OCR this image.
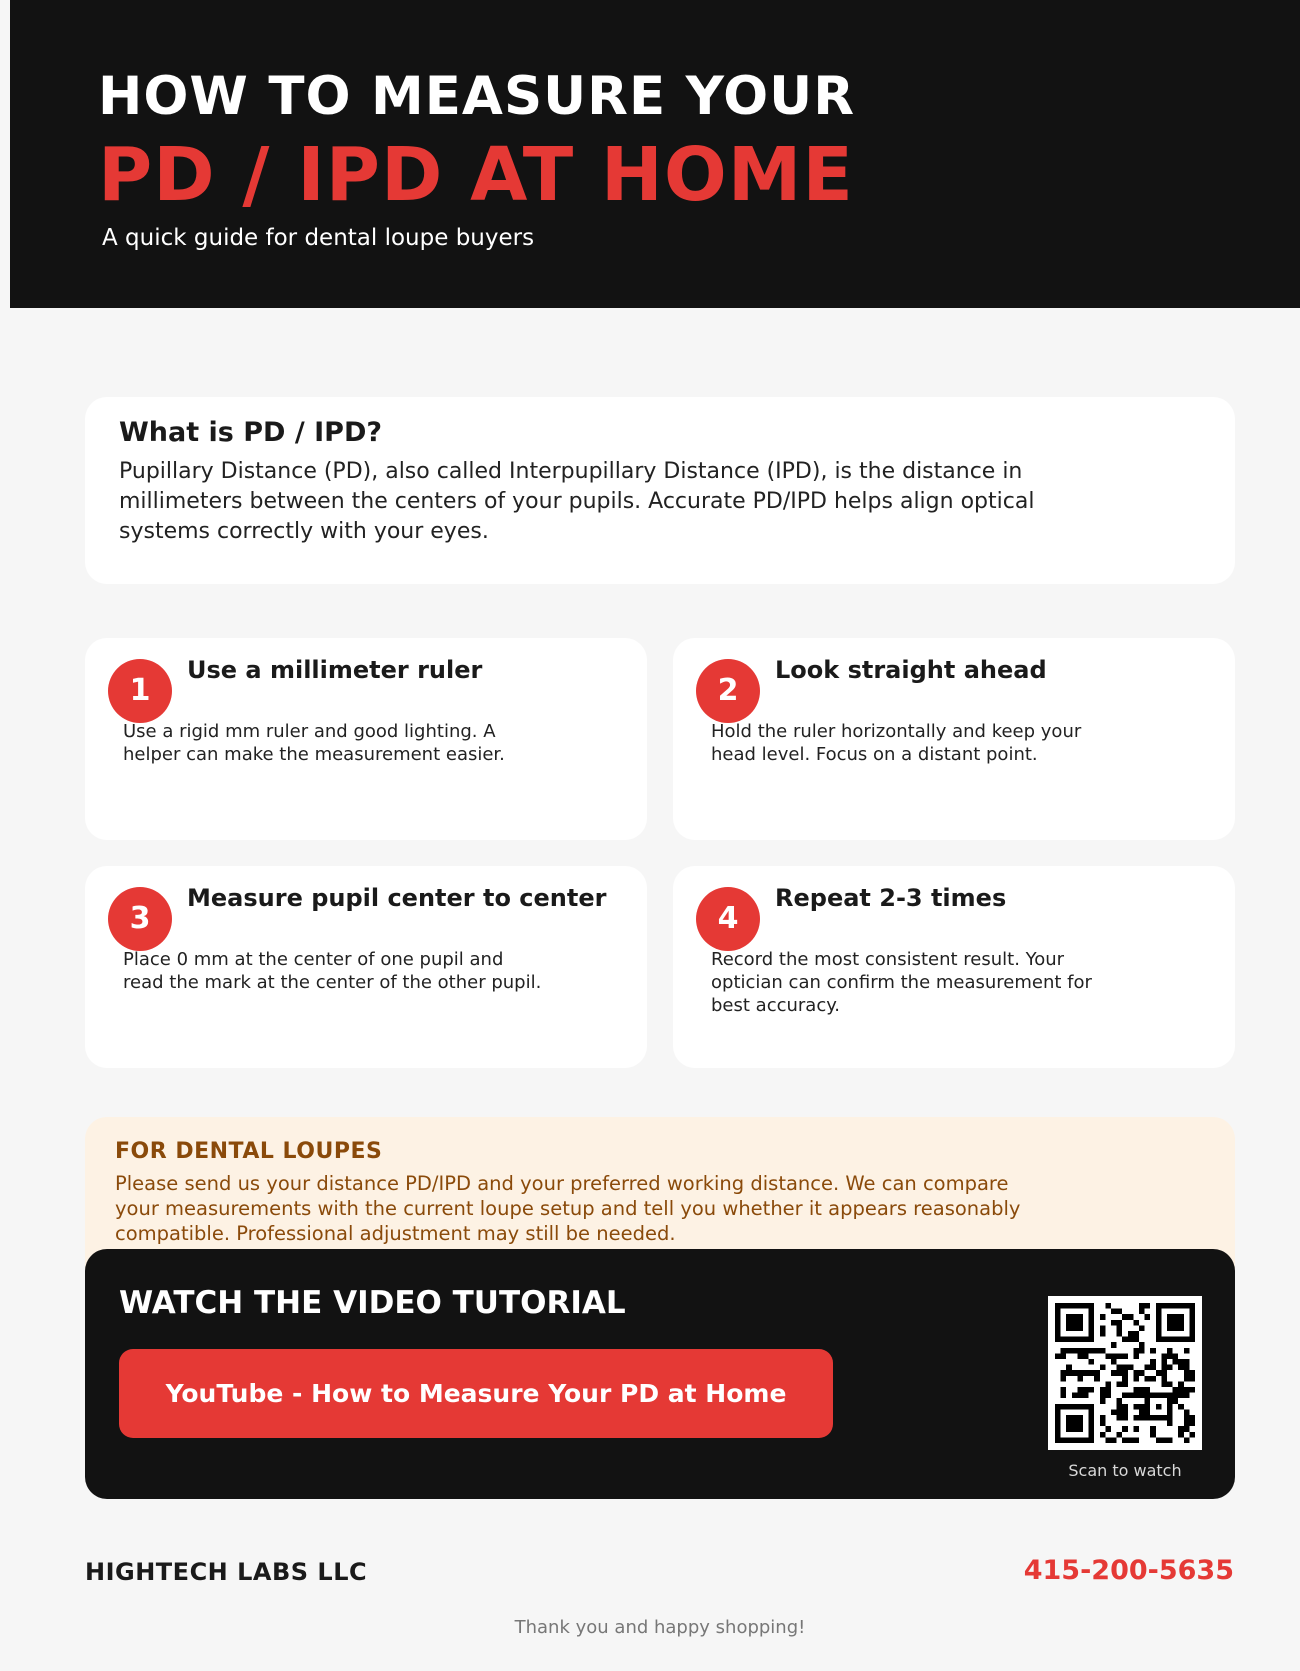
HOW TO MEASURE YOUR
PD / IPD AT HOME
A quick guide for dental loupe buyers
What is PD / IPD?
Pupillary Distance (PD), also called Interpupillary Distance (IPD), is the distance in millimeters between the centers of your pupils. Accurate PD/IPD helps align optical systems correctly with your eyes.
1
Use a millimeter ruler
Use a rigid mm ruler and good lighting. A helper can make the measurement easier.
2
Look straight ahead
Hold the ruler horizontally and keep your head level. Focus on a distant point.
3
Measure pupil center to center
Place 0 mm at the center of one pupil and read the mark at the center of the other pupil.
4
Repeat 2-3 times
Record the most consistent result. Your optician can confirm the measurement for best accuracy.
FOR DENTAL LOUPES
Please send us your distance PD/IPD and your preferred working distance. We can compare your measurements with the current loupe setup and tell you whether it appears reasonably compatible. Professional adjustment may still be needed.
WATCH THE VIDEO TUTORIAL
YouTube - How to Measure Your PD at Home
Scan to watch
HIGHTECH LABS LLC	415-200-5635
Thank you and happy shopping!
